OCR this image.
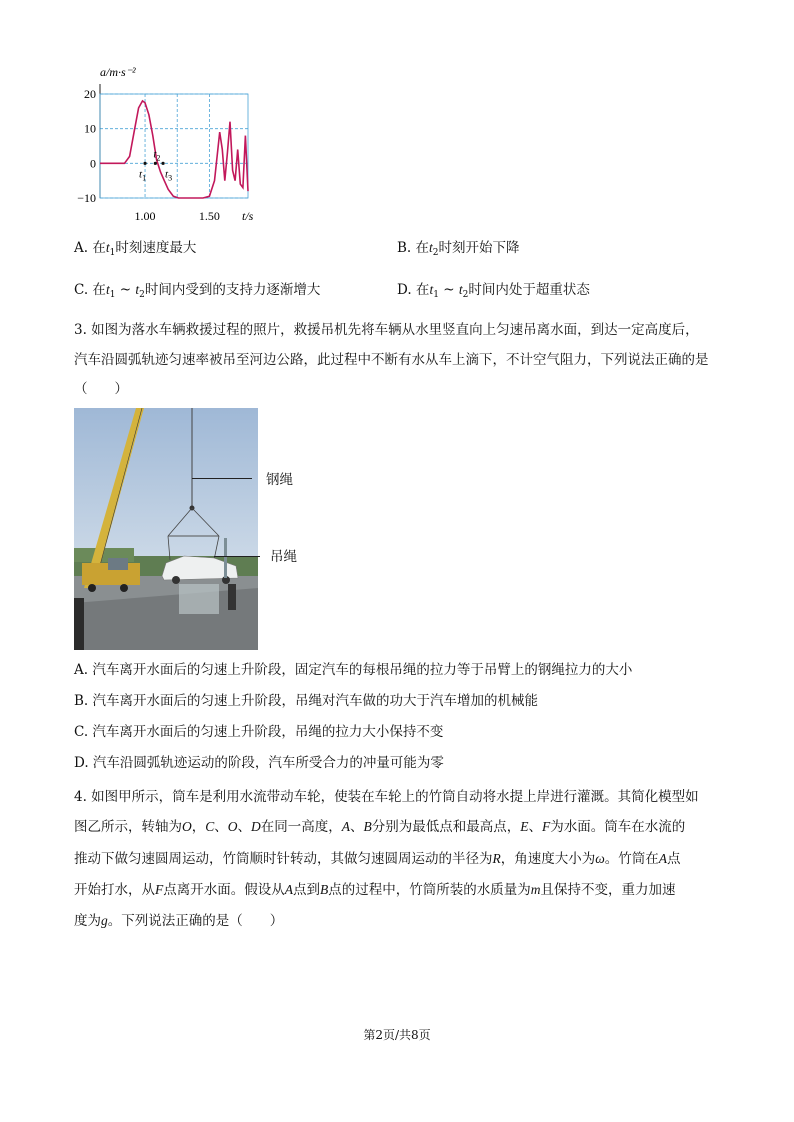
20
10
0
−10
1.00	1.50
$t_1$
$t_2$
$t_3$
a/m·s⁻²
t/s
A. 在$t_1$时刻速度最大	B. 在$t_2$时刻开始下降
C. 在$t_1$ ~ $t_2$时间内受到的支持力逐渐增大	D. 在$t_1$ ~ $t_2$时间内处于超重状态
3. 如图为落水车辆救援过程的照片，救援吊机先将车辆从水里竖直向上匀速吊离水面，到达一定高度后，
汽车沿圆弧轨迹匀速率被吊至河边公路，此过程中不断有水从车上滴下，不计空气阻力，下列说法正确的是
（　　）
钢绳
吊绳
A. 汽车离开水面后的匀速上升阶段，固定汽车的每根吊绳的拉力等于吊臂上的钢绳拉力的大小
B. 汽车离开水面后的匀速上升阶段，吊绳对汽车做的功大于汽车增加的机械能
C. 汽车离开水面后的匀速上升阶段，吊绳的拉力大小保持不变
D. 汽车沿圆弧轨迹运动的阶段，汽车所受合力的冲量可能为零
4. 如图甲所示，筒车是利用水流带动车轮，使装在车轮上的竹筒自动将水提上岸进行灌溉。其简化模型如
图乙所示，转轴为O，C、O、D在同一高度，A、B分别为最低点和最高点，E、F为水面。筒车在水流的
推动下做匀速圆周运动，竹筒顺时针转动，其做匀速圆周运动的半径为R，角速度大小为ω。竹筒在A点
开始打水，从F点离开水面。假设从A点到B点的过程中，竹筒所装的水质量为m且保持不变，重力加速
度为g。下列说法正确的是（　　）
第2页/共8页
